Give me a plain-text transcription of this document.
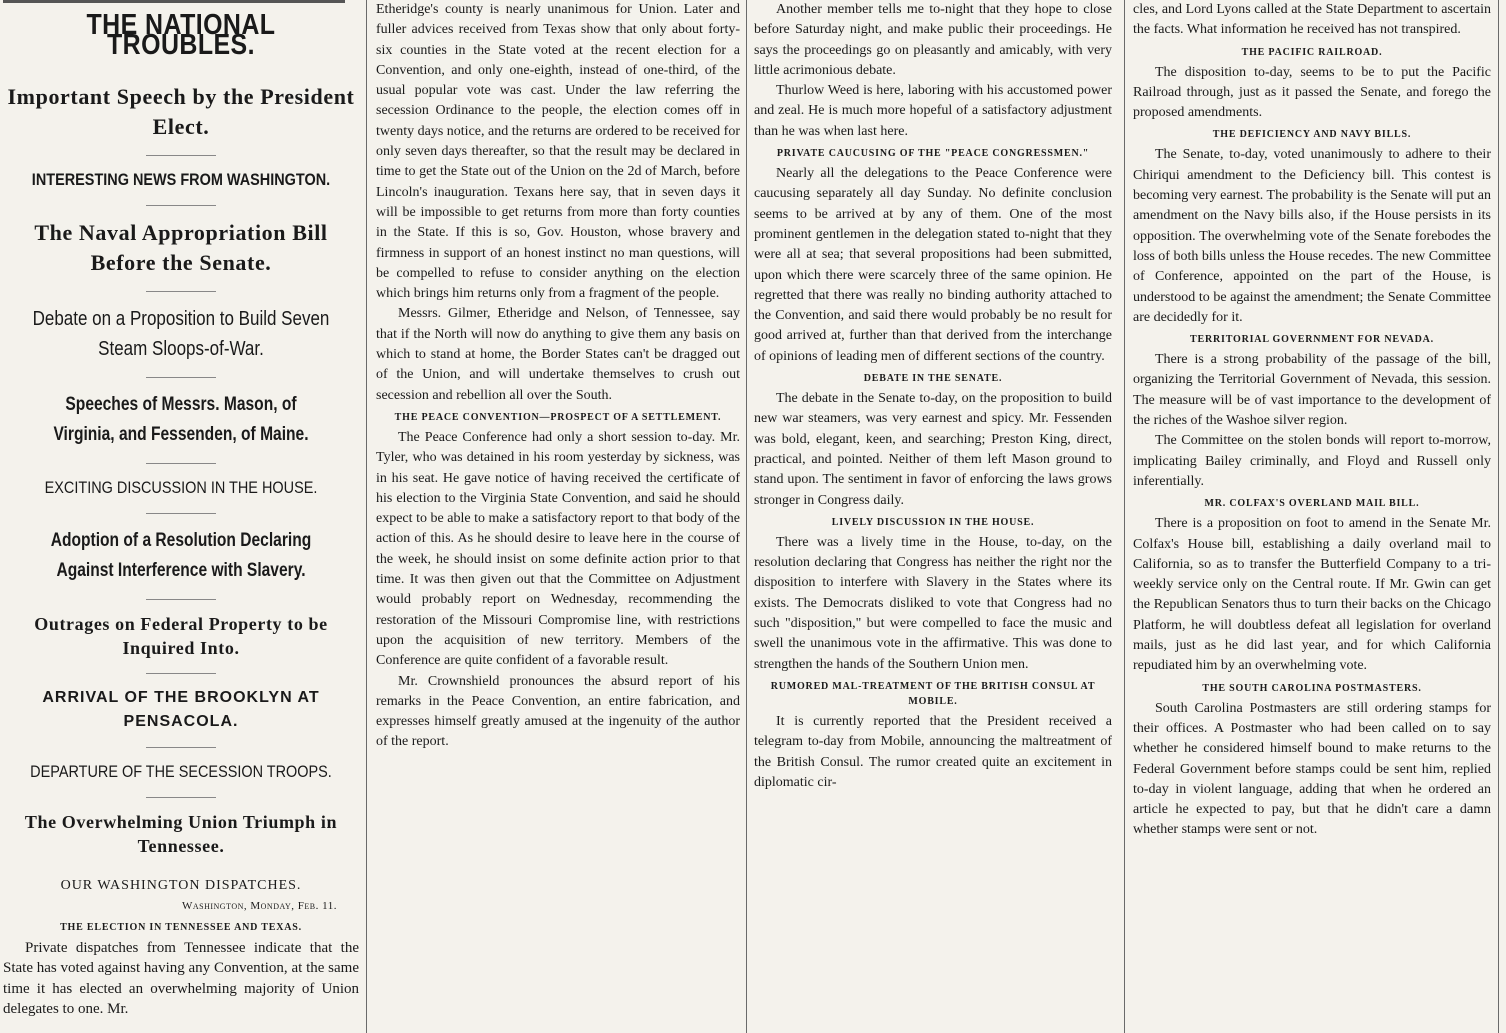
THE NATIONAL TROUBLES.
Important Speech by the President Elect.
INTERESTING NEWS FROM WASHINGTON.
The Naval Appropriation Bill Before the Senate.
Debate on a Proposition to Build Seven Steam Sloops-of-War.
Speeches of Messrs. Mason, of Virginia, and Fessenden, of Maine.
EXCITING DISCUSSION IN THE HOUSE.
Adoption of a Resolution Declaring Against Interference with Slavery.
Outrages on Federal Property to be Inquired Into.
ARRIVAL OF THE BROOKLYN AT PENSACOLA.
DEPARTURE OF THE SECESSION TROOPS.
The Overwhelming Union Triumph in Tennessee.
OUR WASHINGTON DISPATCHES.
Washington, Monday, Feb. 11.
THE ELECTION IN TENNESSEE AND TEXAS.

Private dispatches from Tennessee indicate that the State has voted against having any Convention, at the same time it has elected an overwhelming majority of Union delegates to one. Mr.

Etheridge's county is nearly unanimous for Union. Later and fuller advices received from Texas show that only about forty-six counties in the State voted at the recent election for a Convention, and only one-eighth, instead of one-third, of the usual popular vote was cast. Under the law referring the secession Ordinance to the people, the election comes off in twenty days notice, and the returns are ordered to be received for only seven days thereafter, so that the result may be declared in time to get the State out of the Union on the 2d of March, before Lincoln's inauguration. Texans here say, that in seven days it will be impossible to get returns from more than forty counties in the State. If this is so, Gov. Houston, whose bravery and firmness in support of an honest instinct no man questions, will be compelled to refuse to consider anything on the election which brings him returns only from a fragment of the people.

Messrs. Gilmer, Etheridge and Nelson, of Tennessee, say that if the North will now do anything to give them any basis on which to stand at home, the Border States can't be dragged out of the Union, and will undertake themselves to crush out secession and rebellion all over the South.

THE PEACE CONVENTION—PROSPECT OF A SETTLEMENT.

The Peace Conference had only a short session to-day. Mr. Tyler, who was detained in his room yesterday by sickness, was in his seat. He gave notice of having received the certificate of his election to the Virginia State Convention, and said he should expect to be able to make a satisfactory report to that body of the action of this. As he should desire to leave here in the course of the week, he should insist on some definite action prior to that time. It was then given out that the Committee on Adjustment would probably report on Wednesday, recommending the restoration of the Missouri Compromise line, with restrictions upon the acquisition of new territory. Members of the Conference are quite confident of a favorable result.

Mr. Crownshield pronounces the absurd report of his remarks in the Peace Convention, an entire fabrication, and expresses himself greatly amused at the ingenuity of the author of the report.

Another member tells me to-night that they hope to close before Saturday night, and make public their proceedings. He says the proceedings go on pleasantly and amicably, with very little acrimonious debate.

Thurlow Weed is here, laboring with his accustomed power and zeal. He is much more hopeful of a satisfactory adjustment than he was when last here.

PRIVATE CAUCUSING OF THE "PEACE CONGRESSMEN."

Nearly all the delegations to the Peace Conference were caucusing separately all day Sunday. No definite conclusion seems to be arrived at by any of them. One of the most prominent gentlemen in the delegation stated to-night that they were all at sea; that several propositions had been submitted, upon which there were scarcely three of the same opinion. He regretted that there was really no binding authority attached to the Convention, and said there would probably be no result for good arrived at, further than that derived from the interchange of opinions of leading men of different sections of the country.

DEBATE IN THE SENATE.

The debate in the Senate to-day, on the proposition to build new war steamers, was very earnest and spicy. Mr. Fessenden was bold, elegant, keen, and searching; Preston King, direct, practical, and pointed. Neither of them left Mason ground to stand upon. The sentiment in favor of enforcing the laws grows stronger in Congress daily.

LIVELY DISCUSSION IN THE HOUSE.

There was a lively time in the House, to-day, on the resolution declaring that Congress has neither the right nor the disposition to interfere with Slavery in the States where its exists. The Democrats disliked to vote that Congress had no such "disposition," but were compelled to face the music and swell the unanimous vote in the affirmative. This was done to strengthen the hands of the Southern Union men.

RUMORED MAL-TREATMENT OF THE BRITISH CONSUL AT MOBILE.

It is currently reported that the President received a telegram to-day from Mobile, announcing the maltreatment of the British Consul. The rumor created quite an excitement in diplomatic cir-

cles, and Lord Lyons called at the State Department to ascertain the facts. What information he received has not transpired.

THE PACIFIC RAILROAD.

The disposition to-day, seems to be to put the Pacific Railroad through, just as it passed the Senate, and forego the proposed amendments.

THE DEFICIENCY AND NAVY BILLS.

The Senate, to-day, voted unanimously to adhere to their Chiriqui amendment to the Deficiency bill. This contest is becoming very earnest. The probability is the Senate will put an amendment on the Navy bills also, if the House persists in its opposition. The overwhelming vote of the Senate forebodes the loss of both bills unless the House recedes. The new Committee of Conference, appointed on the part of the House, is understood to be against the amendment; the Senate Committee are decidedly for it.

TERRITORIAL GOVERNMENT FOR NEVADA.

There is a strong probability of the passage of the bill, organizing the Territorial Government of Nevada, this session. The measure will be of vast importance to the development of the riches of the Washoe silver region.

The Committee on the stolen bonds will report to-morrow, implicating Bailey criminally, and Floyd and Russell only inferentially.

MR. COLFAX'S OVERLAND MAIL BILL.

There is a proposition on foot to amend in the Senate Mr. Colfax's House bill, establishing a daily overland mail to California, so as to transfer the Butterfield Company to a tri-weekly service only on the Central route. If Mr. Gwin can get the Republican Senators thus to turn their backs on the Chicago Platform, he will doubtless defeat all legislation for overland mails, just as he did last year, and for which California repudiated him by an overwhelming vote.

THE SOUTH CAROLINA POSTMASTERS.

South Carolina Postmasters are still ordering stamps for their offices. A Postmaster who had been called on to say whether he considered himself bound to make returns to the Federal Government before stamps could be sent him, replied to-day in violent language, adding that when he ordered an article he expected to pay, but that he didn't care a damn whether stamps were sent or not.
